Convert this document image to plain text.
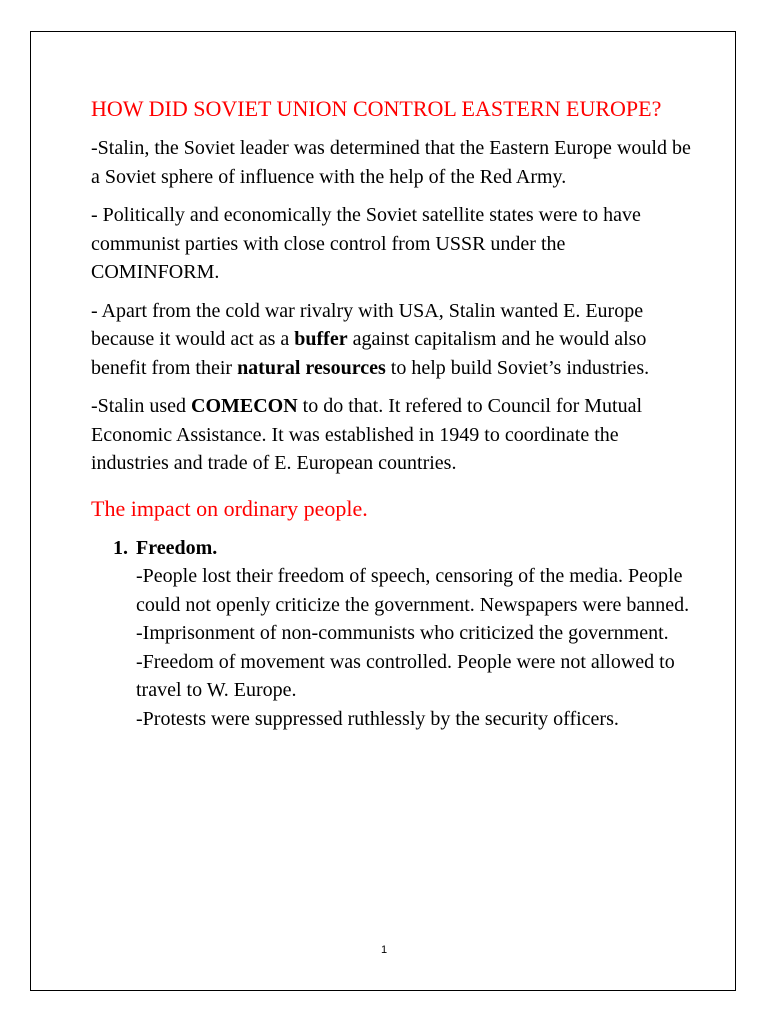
HOW DID SOVIET UNION CONTROL EASTERN EUROPE?

-Stalin, the Soviet leader was determined that the Eastern Europe would be a Soviet sphere of influence with the help of the Red Army.

- Politically and economically the Soviet satellite states were to have communist parties with close control from USSR under the COMINFORM.

- Apart from the cold war rivalry with USA, Stalin wanted E. Europe because it would act as a buffer against capitalism and he would also benefit from their natural resources to help build Soviet’s industries.

-Stalin used COMECON to do that. It refered to Council for Mutual Economic Assistance. It was established in 1949 to coordinate the industries and trade of E. European countries.

The impact on ordinary people.
1. Freedom.
-People lost their freedom of speech, censoring of the media. People could not openly criticize the government. Newspapers were banned.
-Imprisonment of non-communists who criticized the government.
-Freedom of movement was controlled. People were not allowed to travel to W. Europe.
-Protests were suppressed ruthlessly by the security officers.
1
